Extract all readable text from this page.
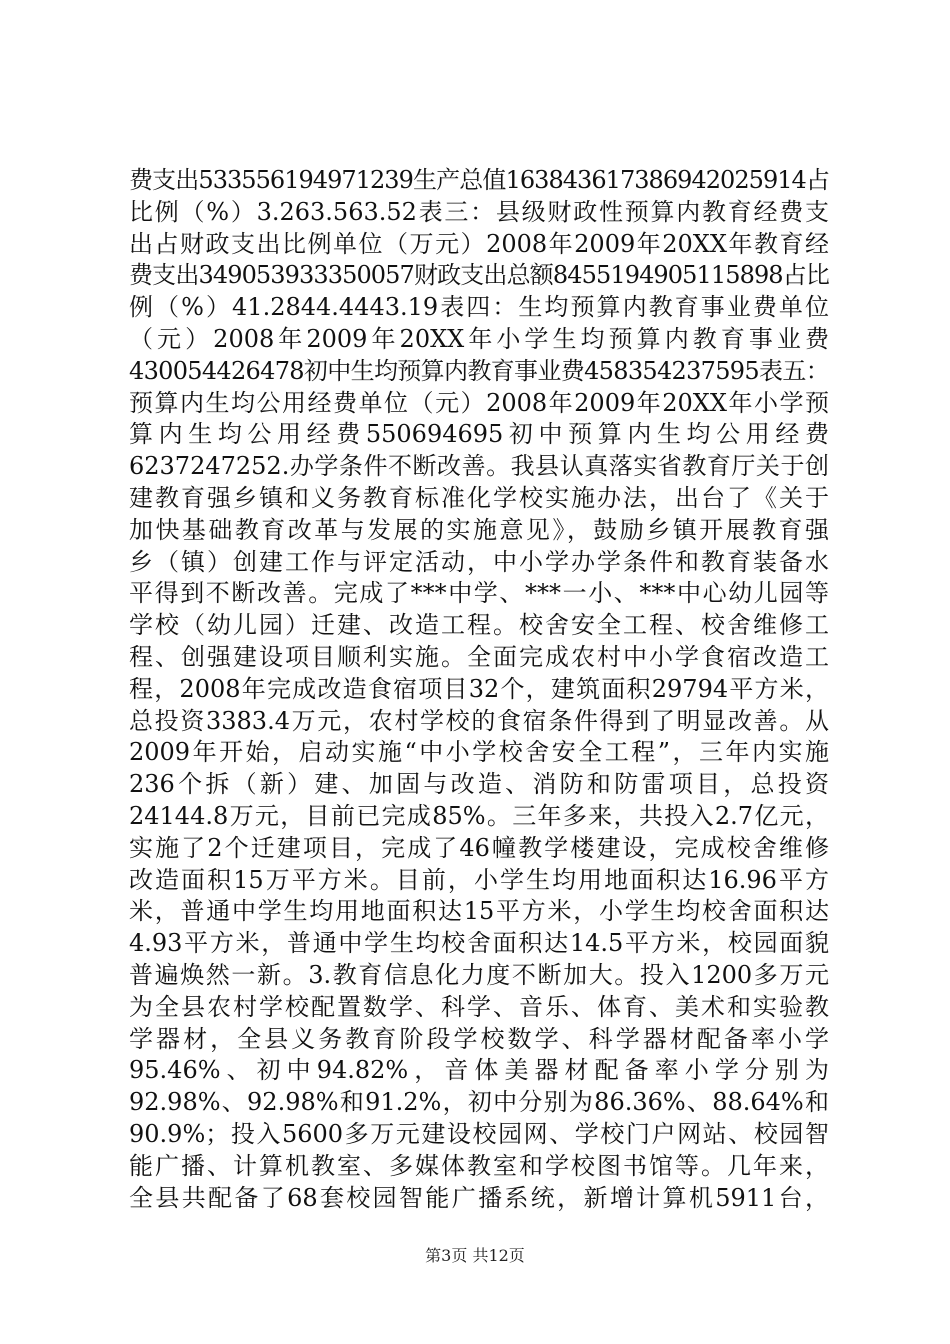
费支出533556194971239生产总值163843617386942025914占
比例（%）3.263.563.52表三：县级财政性预算内教育经费支
出占财政支出比例单位（万元）2008年2009年20XX年教育经
费支出349053933350057财政支出总额8455194905115898占比
例（%）41.2844.4443.19表四：生均预算内教育事业费单位
（元）2008年2009年20XX年小学生均预算内教育事业费
430054426478初中生均预算内教育事业费458354237595表五：
预算内生均公用经费单位（元）2008年2009年20XX年小学预
算内生均公用经费550694695初中预算内生均公用经费
6237247252.办学条件不断改善。我县认真落实省教育厅关于创
建教育强乡镇和义务教育标准化学校实施办法，出台了《关于
加快基础教育改革与发展的实施意见》，鼓励乡镇开展教育强
乡（镇）创建工作与评定活动，中小学办学条件和教育装备水
平得到不断改善。完成了***中学、***一小、***中心幼儿园等
学校（幼儿园）迁建、改造工程。校舍安全工程、校舍维修工
程、创强建设项目顺利实施。全面完成农村中小学食宿改造工
程，2008年完成改造食宿项目32个，建筑面积29794平方米，
总投资3383.4万元，农村学校的食宿条件得到了明显改善。从
2009年开始，启动实施“中小学校舍安全工程”，三年内实施
236个拆（新）建、加固与改造、消防和防雷项目，总投资
24144.8万元，目前已完成85%。三年多来，共投入2.7亿元，
实施了2个迁建项目，完成了46幢教学楼建设，完成校舍维修
改造面积15万平方米。目前，小学生均用地面积达16.96平方
米，普通中学生均用地面积达15平方米，小学生均校舍面积达
4.93平方米，普通中学生均校舍面积达14.5平方米，校园面貌
普遍焕然一新。3.教育信息化力度不断加大。投入1200多万元
为全县农村学校配置数学、科学、音乐、体育、美术和实验教
学器材，全县义务教育阶段学校数学、科学器材配备率小学
95.46%、初中94.82%，音体美器材配备率小学分别为
92.98%、92.98%和91.2%，初中分别为86.36%、88.64%和
90.9%；投入5600多万元建设校园网、学校门户网站、校园智
能广播、计算机教室、多媒体教室和学校图书馆等。几年来，
全县共配备了68套校园智能广播系统，新增计算机5911台，
第3页 共12页
